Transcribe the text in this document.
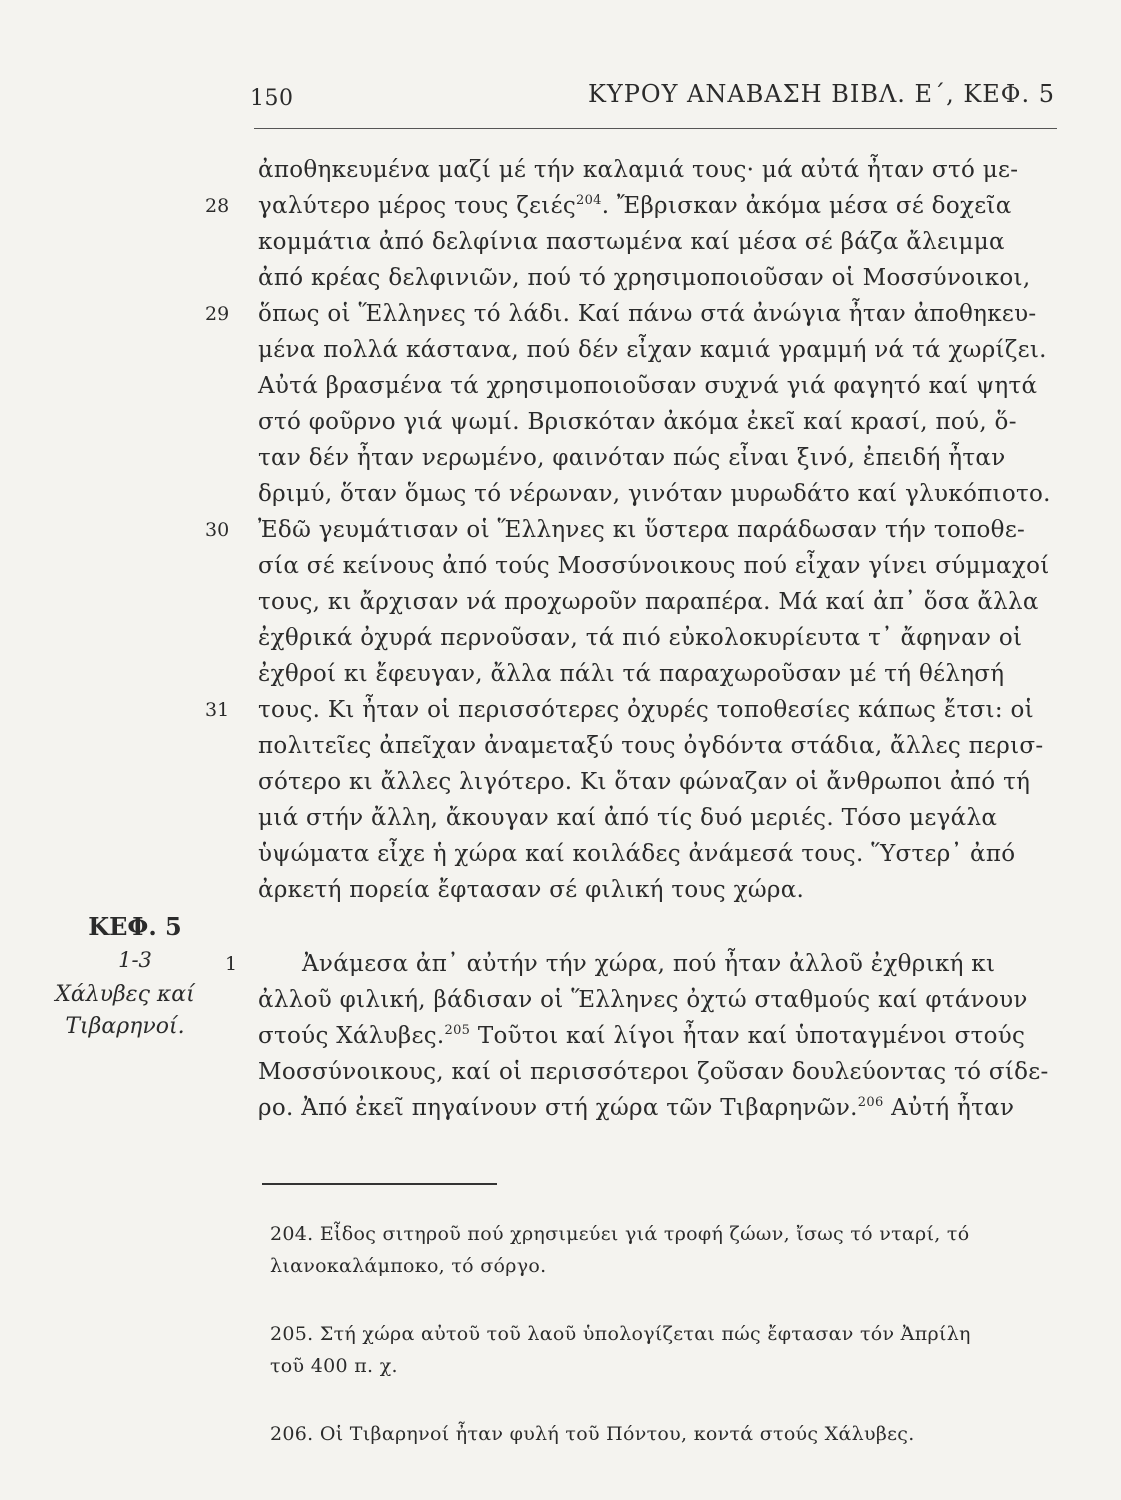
150	ΚΥΡΟΥ ΑΝΑΒΑΣΗ ΒΙΒΛ. Ε΄, ΚΕΦ. 5
28
29
30
31
1
ΚΕΦ. 5
1-3
Χάλυβες καί
Τιβαρηνοί.
ἀποθηκευμένα μαζί μέ τήν καλαμιά τους· μά αὐτά ἦταν στό με-
γαλύτερο μέρος τους ζειές$^{204}$. Ἔβρισκαν ἀκόμα μέσα σέ δοχεῖα
κομμάτια ἀπό δελφίνια παστωμένα καί μέσα σέ βάζα ἄλειμμα
ἀπό κρέας δελφινιῶν, πού τό χρησιμοποιοῦσαν οἱ Μοσσύνοικοι,
ὅπως οἱ Ἕλληνες τό λάδι. Καί πάνω στά ἀνώγια ἦταν ἀποθηκευ-
μένα πολλά κάστανα, πού δέν εἶχαν καμιά γραμμή νά τά χωρίζει.
Αὐτά βρασμένα τά χρησιμοποιοῦσαν συχνά γιά φαγητό καί ψητά
στό φοῦρνο γιά ψωμί. Βρισκόταν ἀκόμα ἐκεῖ καί κρασί, πού, ὅ-
ταν δέν ἦταν νερωμένο, φαινόταν πώς εἶναι ξινό, ἐπειδή ἦταν
δριμύ, ὅταν ὅμως τό νέρωναν, γινόταν μυρωδάτο καί γλυκόπιοτο.
Ἐδῶ γευμάτισαν οἱ Ἕλληνες κι ὕστερα παράδωσαν τήν τοποθε-
σία σέ κείνους ἀπό τούς Μοσσύνοικους πού εἶχαν γίνει σύμμαχοί
τους, κι ἄρχισαν νά προχωροῦν παραπέρα. Μά καί ἀπ᾽ ὅσα ἄλλα
ἐχθρικά ὀχυρά περνοῦσαν, τά πιό εὐκολοκυρίευτα τ᾽ ἄφηναν οἱ
ἐχθροί κι ἔφευγαν, ἄλλα πάλι τά παραχωροῦσαν μέ τή θέλησή
τους. Κι ἦταν οἱ περισσότερες ὀχυρές τοποθεσίες κάπως ἔτσι: οἱ
πολιτεῖες ἀπεῖχαν ἀναμεταξύ τους ὀγδόντα στάδια, ἄλλες περισ-
σότερο κι ἄλλες λιγότερο. Κι ὅταν φώναζαν οἱ ἄνθρωποι ἀπό τή
μιά στήν ἄλλη, ἄκουγαν καί ἀπό τίς δυό μεριές. Τόσο μεγάλα
ὑψώματα εἶχε ἡ χώρα καί κοιλάδες ἀνάμεσά τους. Ὕστερ᾽ ἀπό
ἀρκετή πορεία ἔφτασαν σέ φιλική τους χώρα.
Ἀνάμεσα ἀπ᾽ αὐτήν τήν χώρα, πού ἦταν ἀλλοῦ ἐχθρική κι
ἀλλοῦ φιλική, βάδισαν οἱ Ἕλληνες ὀχτώ σταθμούς καί φτάνουν
στούς Χάλυβες.$^{205}$ Τοῦτοι καί λίγοι ἦταν καί ὑποταγμένοι στούς
Μοσσύνοικους, καί οἱ περισσότεροι ζοῦσαν δουλεύοντας τό σίδε-
ρο. Ἀπό ἐκεῖ πηγαίνουν στή χώρα τῶν Τιβαρηνῶν.$^{206}$ Αὐτή ἦταν
204. Εἶδος σιτηροῦ πού χρησιμεύει γιά τροφή ζώων, ἴσως τό νταρί, τό
λιανοκαλάμποκο, τό σόργο.
205. Στή χώρα αὐτοῦ τοῦ λαοῦ ὑπολογίζεται πώς ἔφτασαν τόν Ἀπρίλη
τοῦ 400 π. χ.
206. Οἱ Τιβαρηνοί ἦταν φυλή τοῦ Πόντου, κοντά στούς Χάλυβες.
